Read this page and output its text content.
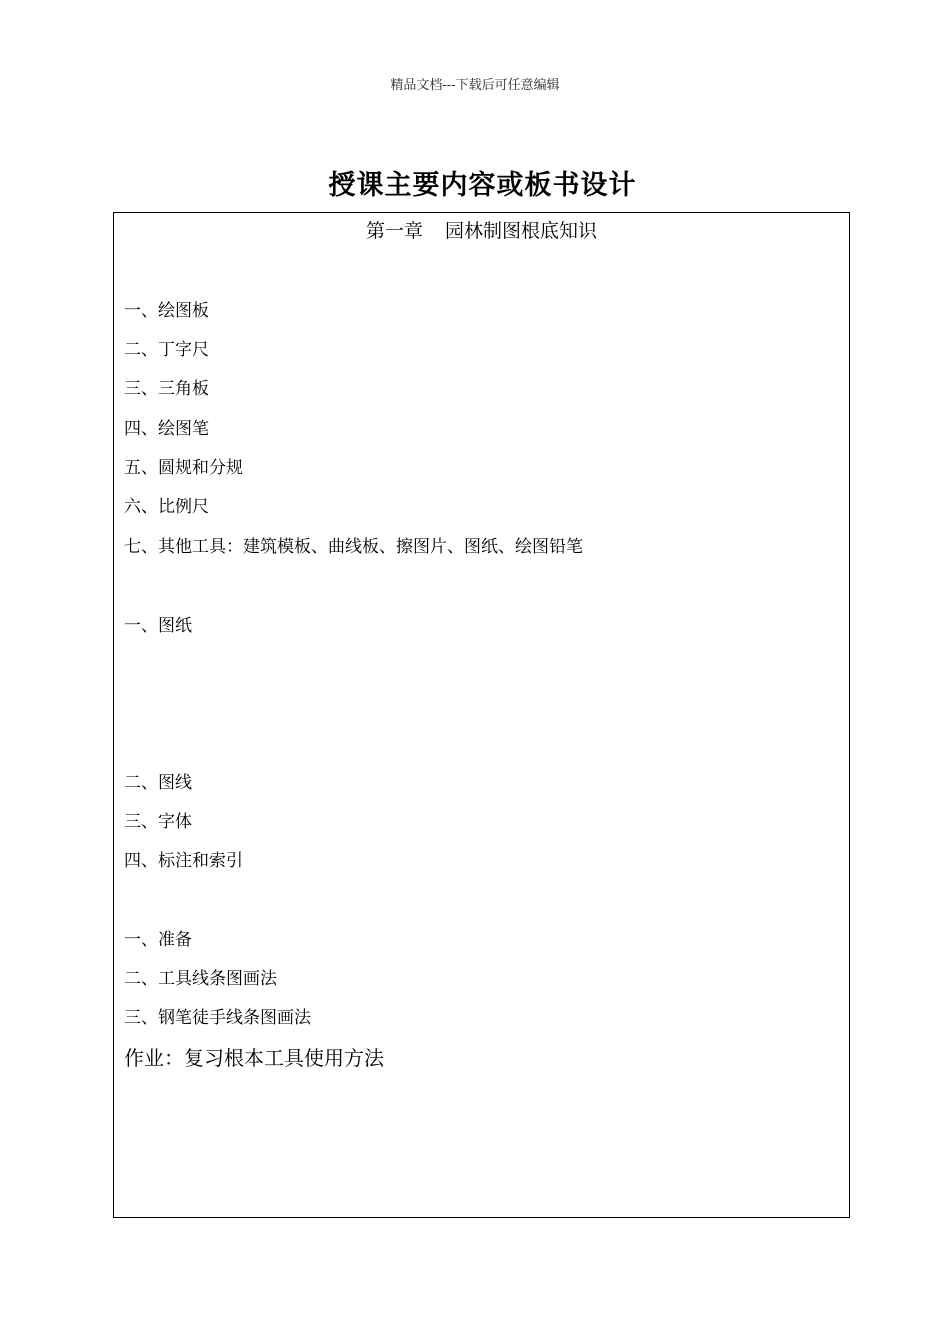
精品文档---下载后可任意编辑
授课主要内容或板书设计
第一章 园林制图根底知识
一、绘图板
二、丁字尺
三、三角板
四、绘图笔
五、圆规和分规
六、比例尺
七、其他工具：建筑模板、曲线板、擦图片、图纸、绘图铅笔
一、图纸
二、图线
三、字体
四、标注和索引
一、准备
二、工具线条图画法
三、钢笔徒手线条图画法
作业：复习根本工具使用方法
